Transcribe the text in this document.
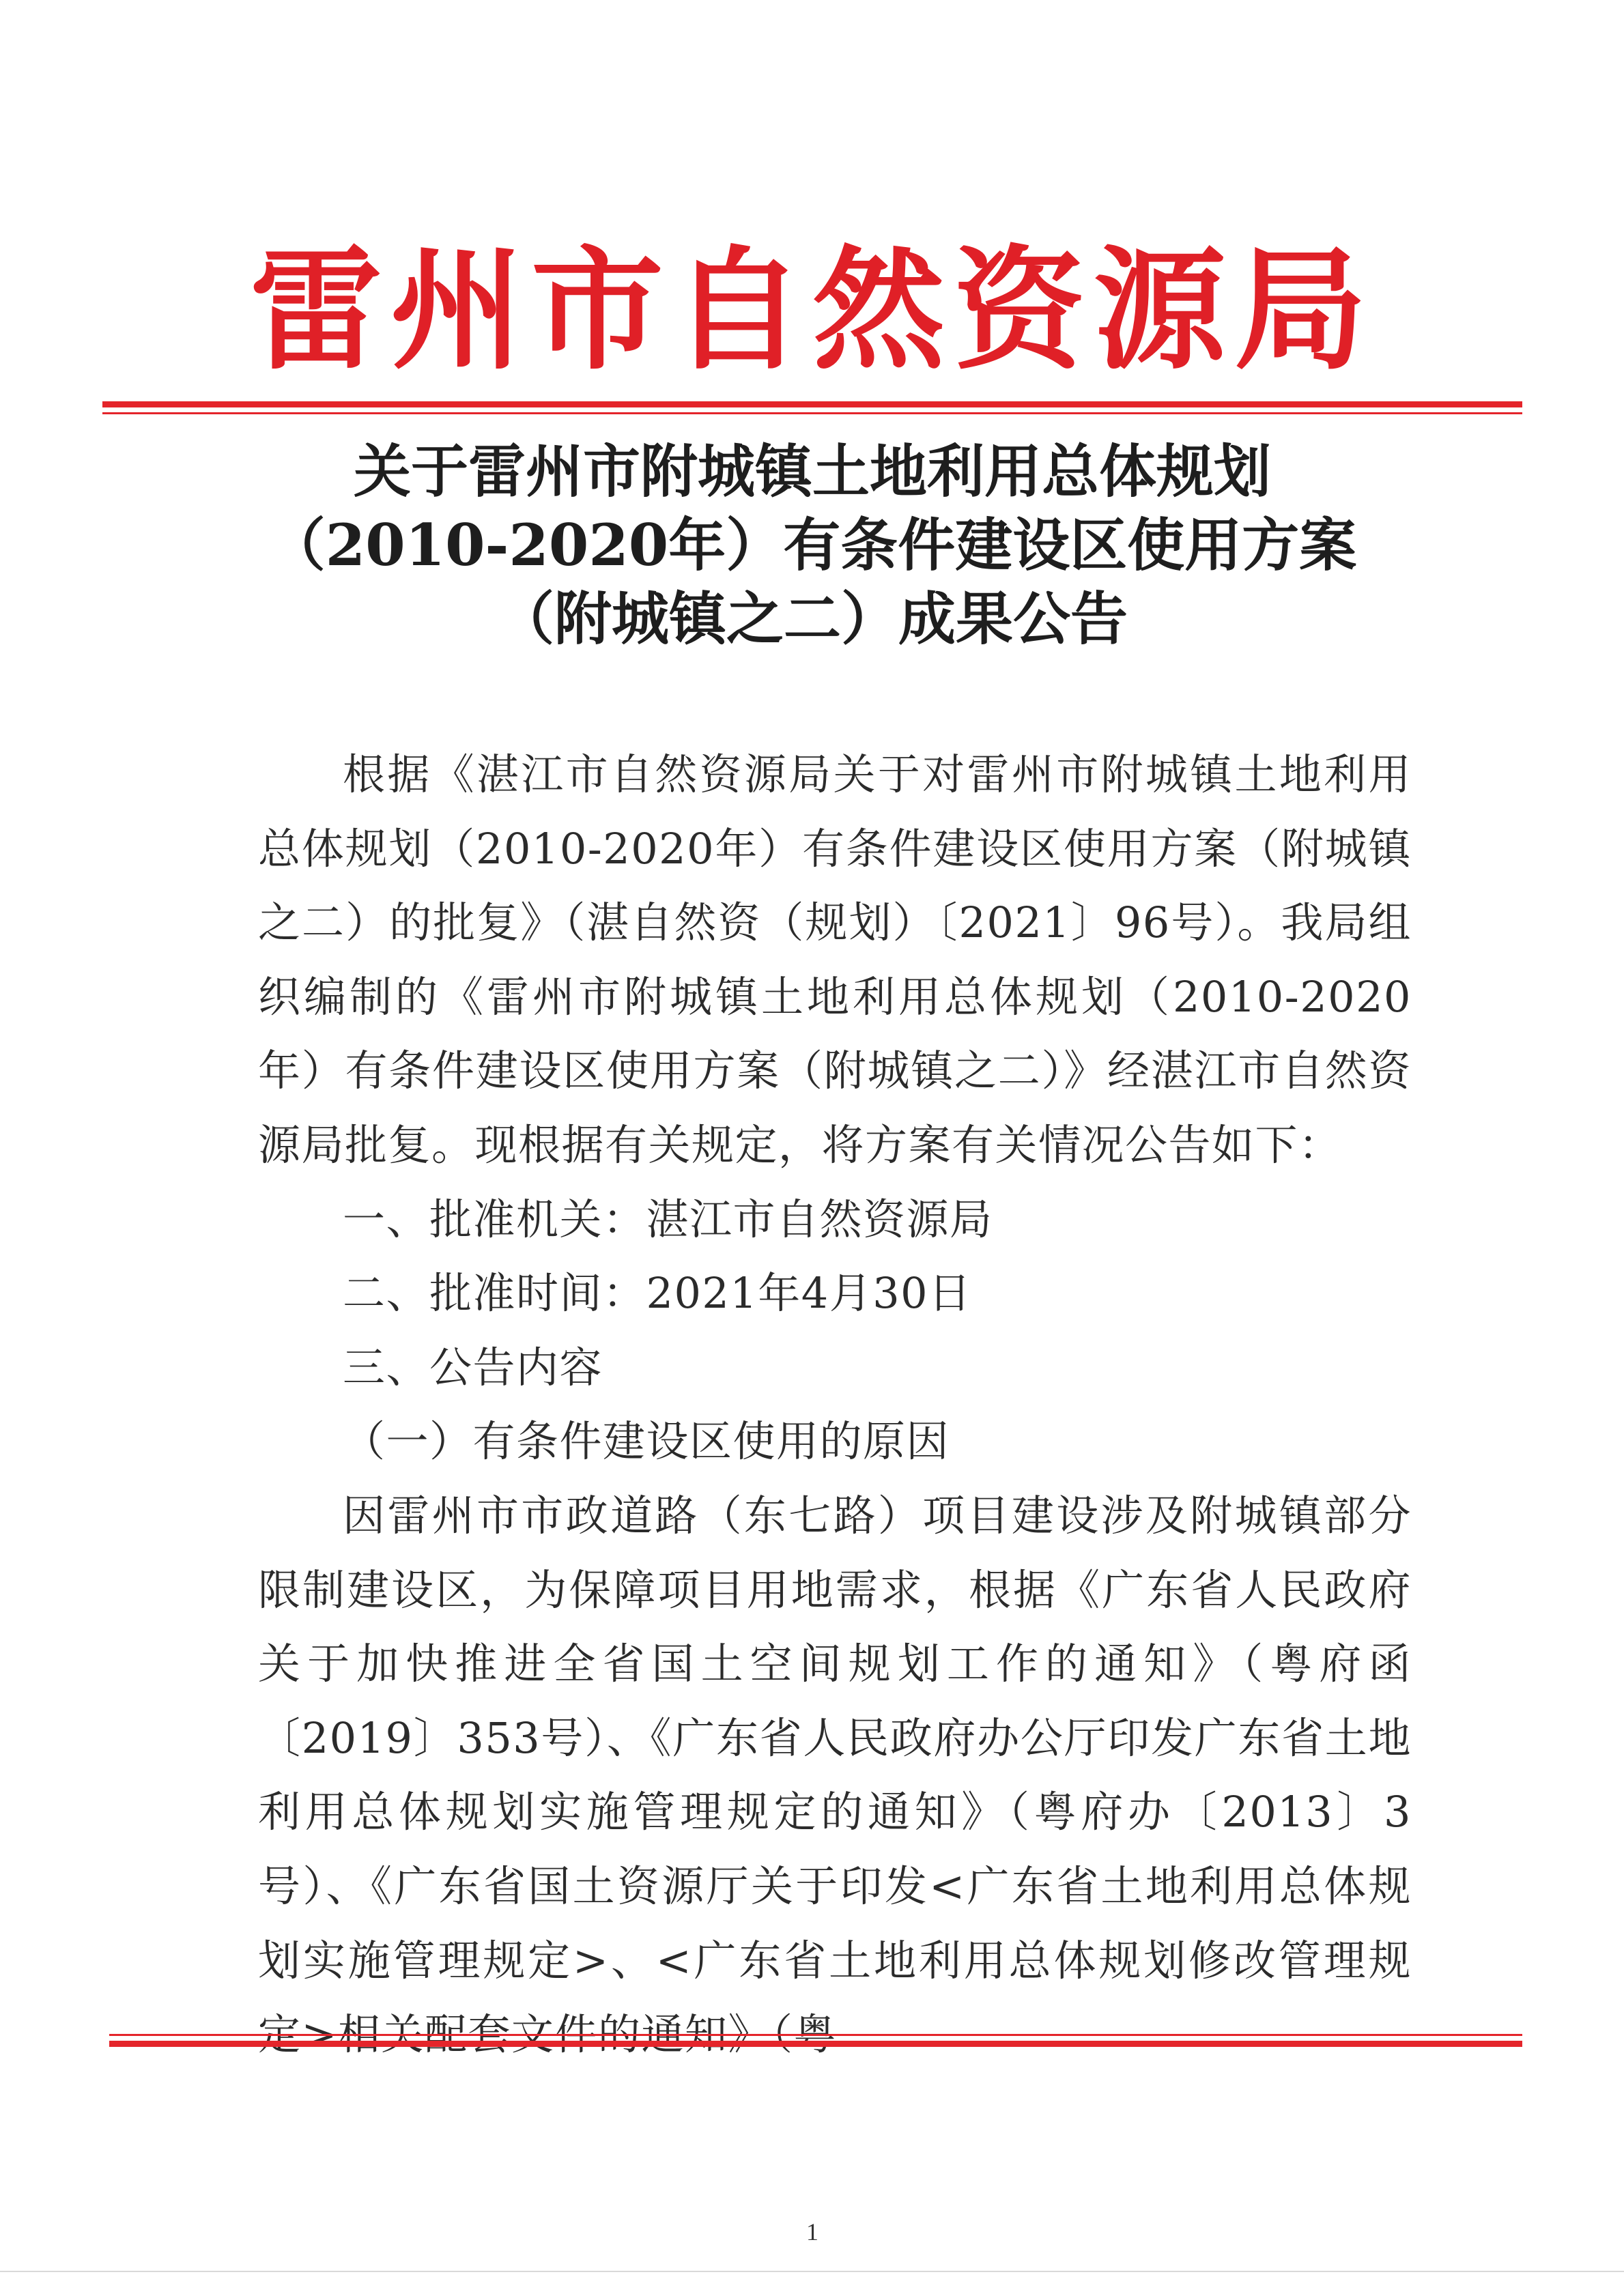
雷州市自然资源局
关于雷州市附城镇土地利用总体规划
（2010-2020年）有条件建设区使用方案
（附城镇之二）成果公告

根据《湛江市自然资源局关于对雷州市附城镇土地利用总体规划（2010-2020年）有条件建设区使用方案（附城镇之二）的批复》（湛自然资（规划）〔2021〕96号）。我局组织编制的《雷州市附城镇土地利用总体规划（2010-2020年）有条件建设区使用方案（附城镇之二）》经湛江市自然资源局批复。现根据有关规定，将方案有关情况公告如下：

一、批准机关：湛江市自然资源局

二、批准时间：2021年4月30日

三、公告内容

（一）有条件建设区使用的原因

因雷州市市政道路（东七路）项目建设涉及附城镇部分限制建设区，为保障项目用地需求，根据《广东省人民政府关于加快推进全省国土空间规划工作的通知》（粤府函〔2019〕353号）、《广东省人民政府办公厅印发广东省土地利用总体规划实施管理规定的通知》（粤府办〔2013〕3号）、《广东省国土资源厅关于印发<广东省土地利用总体规划实施管理规定>、<广东省土地利用总体规划修改管理规

1
